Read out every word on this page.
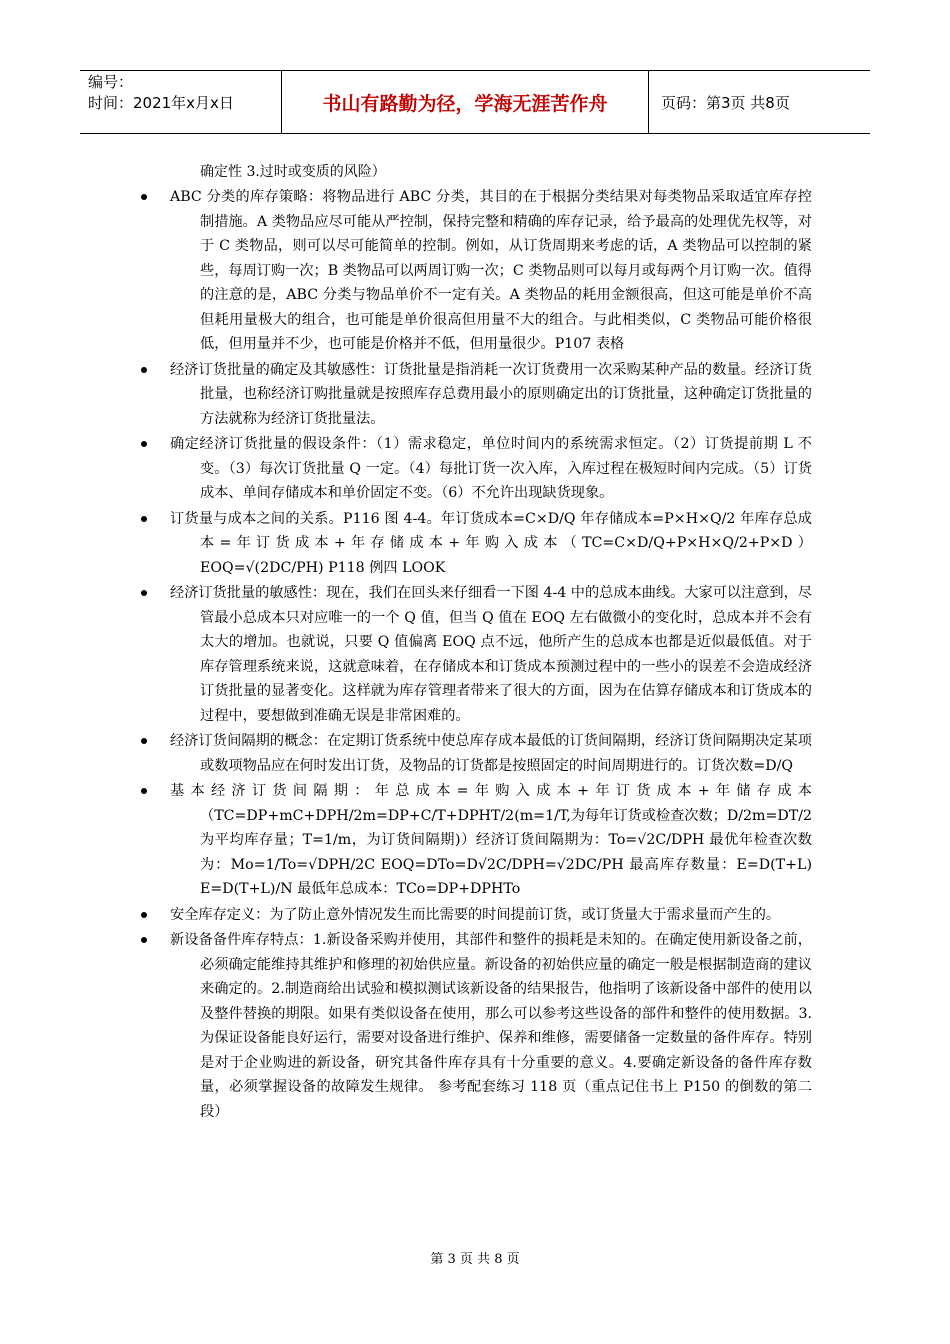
编号：
时间：2021年x月x日	书山有路勤为径，学海无涯苦作舟	页码：第3页 共8页
确定性 3.过时或变质的风险）
ABC 分类的库存策略：将物品进行 ABC 分类，其目的在于根据分类结果对每类物品采取适宜库存控制措施。A 类物品应尽可能从严控制，保持完整和精确的库存记录，给予最高的处理优先权等，对于 C 类物品，则可以尽可能简单的控制。例如，从订货周期来考虑的话，A 类物品可以控制的紧些，每周订购一次；B 类物品可以两周订购一次；C 类物品则可以每月或每两个月订购一次。值得的注意的是，ABC 分类与物品单价不一定有关。A 类物品的耗用金额很高，但这可能是单价不高但耗用量极大的组合，也可能是单价很高但用量不大的组合。与此相类似，C 类物品可能价格很低，但用量并不少，也可能是价格并不低，但用量很少。P107 表格
经济订货批量的确定及其敏感性：订货批量是指消耗一次订货费用一次采购某种产品的数量。经济订货批量，也称经济订购批量就是按照库存总费用最小的原则确定出的订货批量，这种确定订货批量的方法就称为经济订货批量法。
确定经济订货批量的假设条件：（1）需求稳定，单位时间内的系统需求恒定。（2）订货提前期 L 不变。（3）每次订货批量 Q 一定。（4）每批订货一次入库，入库过程在极短时间内完成。（5）订货成本、单间存储成本和单价固定不变。（6）不允许出现缺货现象。
订货量与成本之间的关系。P116 图 4-4。年订货成本=C×D/Q 年存储成本=P×H×Q/2 年库存总成本=年订货成本+年存储成本+年购入成本（TC=C×D/Q+P×H×Q/2+P×D） EOQ=√(2DC/PH) P118 例四 LOOK
经济订货批量的敏感性：现在，我们在回头来仔细看一下图 4-4 中的总成本曲线。大家可以注意到，尽管最小总成本只对应唯一的一个 Q 值，但当 Q 值在 EOQ 左右做微小的变化时，总成本并不会有太大的增加。也就说，只要 Q 值偏离 EOQ 点不远，他所产生的总成本也都是近似最低值。对于库存管理系统来说，这就意味着，在存储成本和订货成本预测过程中的一些小的误差不会造成经济订货批量的显著变化。这样就为库存管理者带来了很大的方面，因为在估算存储成本和订货成本的过程中，要想做到准确无误是非常困难的。
经济订货间隔期的概念：在定期订货系统中使总库存成本最低的订货间隔期，经济订货间隔期决定某项或数项物品应在何时发出订货，及物品的订货都是按照固定的时间周期进行的。订货次数=D/Q
基本经济订货间隔期：年总成本=年购入成本+年订货成本+年储存成本（TC=DP+mC+DPH/2m=DP+C/T+DPHT/2(m=1/T,为每年订货或检查次数；D/2m=DT/2 为平均库存量；T=1/m，为订货间隔期)）经济订货间隔期为：To=√2C/DPH 最优年检查次数为：Mo=1/To=√DPH/2C EOQ=DTo=D√2C/DPH=√2DC/PH 最高库存数量：E=D(T+L) E=D(T+L)/N 最低年总成本：TCo=DP+DPHTo
安全库存定义：为了防止意外情况发生而比需要的时间提前订货，或订货量大于需求量而产生的。
新设备备件库存特点：1.新设备采购并使用，其部件和整件的损耗是未知的。在确定使用新设备之前，必须确定能维持其维护和修理的初始供应量。新设备的初始供应量的确定一般是根据制造商的建议来确定的。2.制造商给出试验和模拟测试该新设备的结果报告，他指明了该新设备中部件的使用以及整件替换的期限。如果有类似设备在使用，那么可以参考这些设备的部件和整件的使用数据。3.为保证设备能良好运行，需要对设备进行维护、保养和维修，需要储备一定数量的备件库存。特别是对于企业购进的新设备，研究其备件库存具有十分重要的意义。4.要确定新设备的备件库存数量，必须掌握设备的故障发生规律。 参考配套练习 118 页（重点记住书上 P150 的倒数的第二段）
第 3 页 共 8 页
